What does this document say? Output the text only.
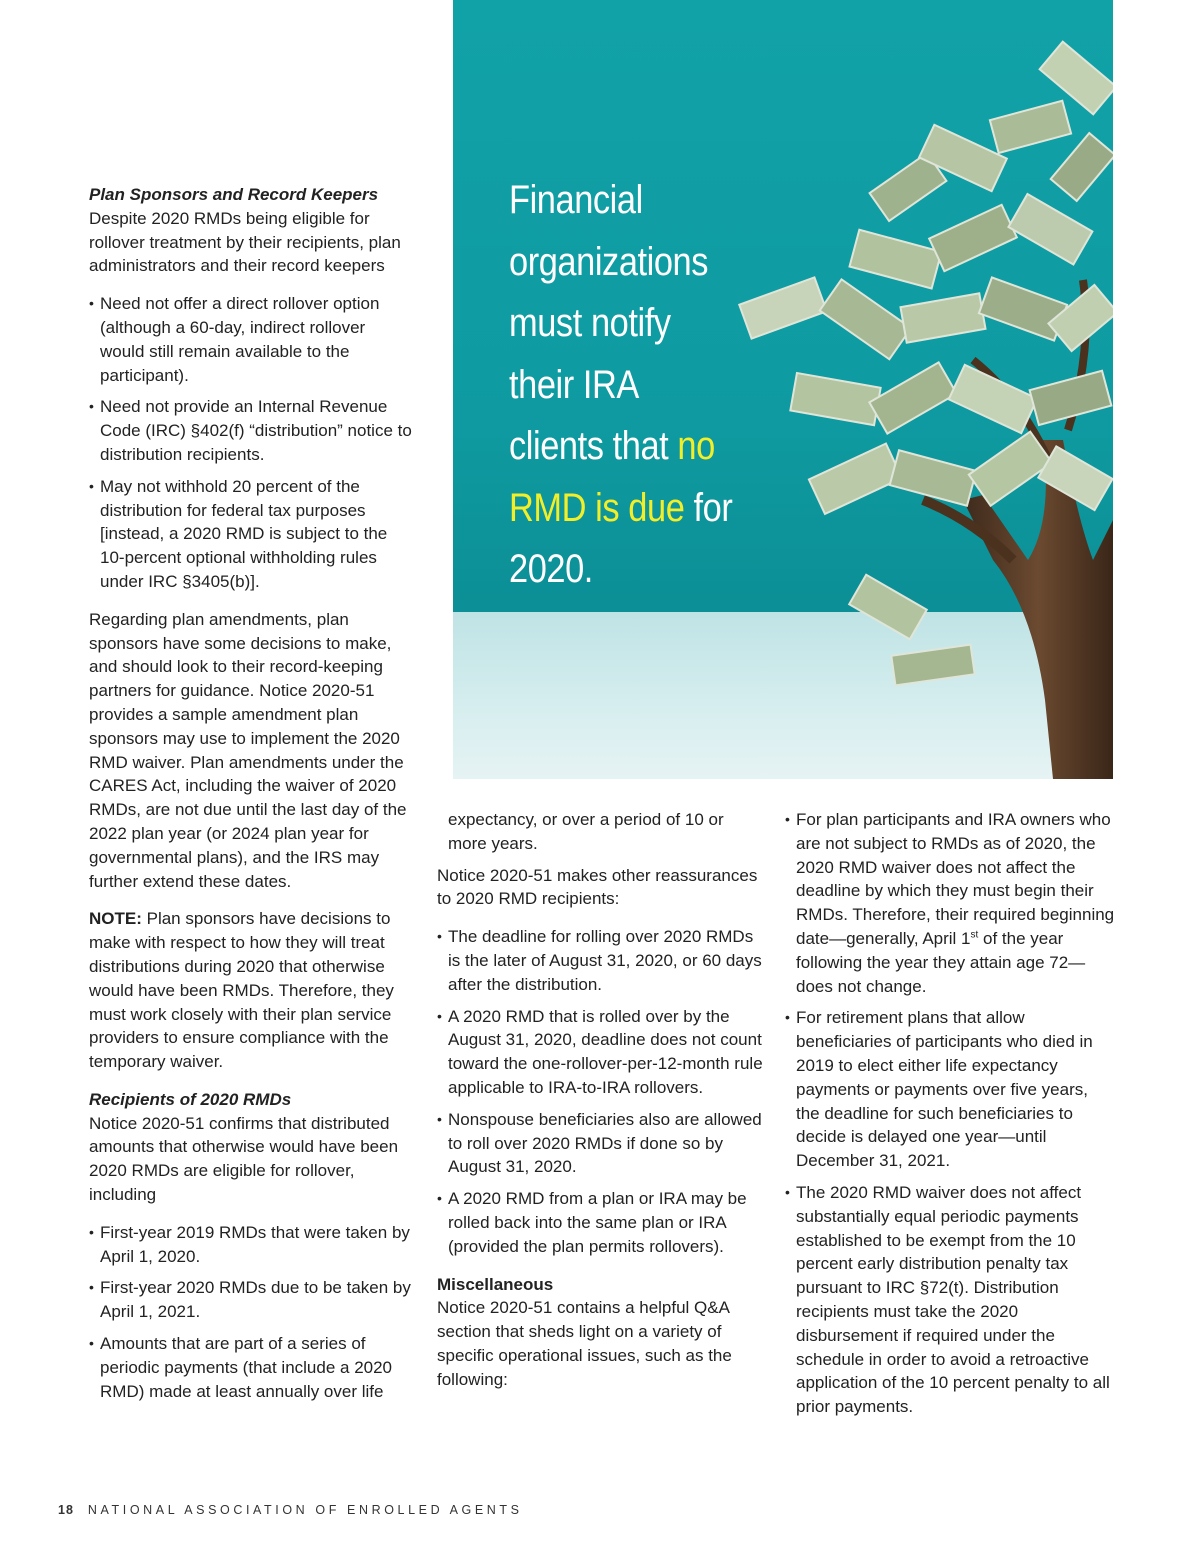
Plan Sponsors and Record Keepers

Despite 2020 RMDs being eligible for rollover treatment by their recipients, plan administrators and their record keepers

• Need not offer a direct rollover option (although a 60-day, indirect rollover would still remain available to the participant).
• Need not provide an Internal Revenue Code (IRC) §402(f) “distribution” notice to distribution recipients.
• May not withhold 20 percent of the distribution for federal tax purposes [instead, a 2020 RMD is subject to the 10-percent optional withholding rules under IRC §3405(b)].

Regarding plan amendments, plan sponsors have some decisions to make, and should look to their record-keeping partners for guidance. Notice 2020-51 provides a sample amendment plan sponsors may use to implement the 2020 RMD waiver. Plan amendments under the CARES Act, including the waiver of 2020 RMDs, are not due until the last day of the 2022 plan year (or 2024 plan year for governmental plans), and the IRS may further extend these dates.

NOTE: Plan sponsors have decisions to make with respect to how they will treat distributions during 2020 that otherwise would have been RMDs. Therefore, they must work closely with their plan service providers to ensure compliance with the temporary waiver.

Recipients of 2020 RMDs

Notice 2020-51 confirms that distributed amounts that otherwise would have been 2020 RMDs are eligible for rollover, including

• First-year 2019 RMDs that were taken by April 1, 2020.
• First-year 2020 RMDs due to be taken by April 1, 2021.
• Amounts that are part of a series of periodic payments (that include a 2020 RMD) made at least annually over life
Financial organizations must notify their IRA clients that no RMD is due for 2020.
expectancy, or over a period of 10 or more years.

Notice 2020-51 makes other reassurances to 2020 RMD recipients:

• The deadline for rolling over 2020 RMDs is the later of August 31, 2020, or 60 days after the distribution.
• A 2020 RMD that is rolled over by the August 31, 2020, deadline does not count toward the one-rollover-per-12-month rule applicable to IRA-to-IRA rollovers.
• Nonspouse beneficiaries also are allowed to roll over 2020 RMDs if done so by August 31, 2020.
• A 2020 RMD from a plan or IRA may be rolled back into the same plan or IRA (provided the plan permits rollovers).
Miscellaneous

Notice 2020-51 contains a helpful Q&A section that sheds light on a variety of specific operational issues, such as the following:

• For plan participants and IRA owners who are not subject to RMDs as of 2020, the 2020 RMD waiver does not affect the deadline by which they must begin their RMDs. Therefore, their required beginning date—generally, April 1st of the year following the year they attain age 72—does not change.
• For retirement plans that allow beneficiaries of participants who died in 2019 to elect either life expectancy payments or payments over five years, the deadline for such beneficiaries to decide is delayed one year—until December 31, 2021.
• The 2020 RMD waiver does not affect substantially equal periodic payments established to be exempt from the 10 percent early distribution penalty tax pursuant to IRC §72(t). Distribution recipients must take the 2020 disbursement if required under the schedule in order to avoid a retroactive application of the 10 percent penalty to all prior payments.
18 NATIONAL ASSOCIATION OF ENROLLED AGENTS
